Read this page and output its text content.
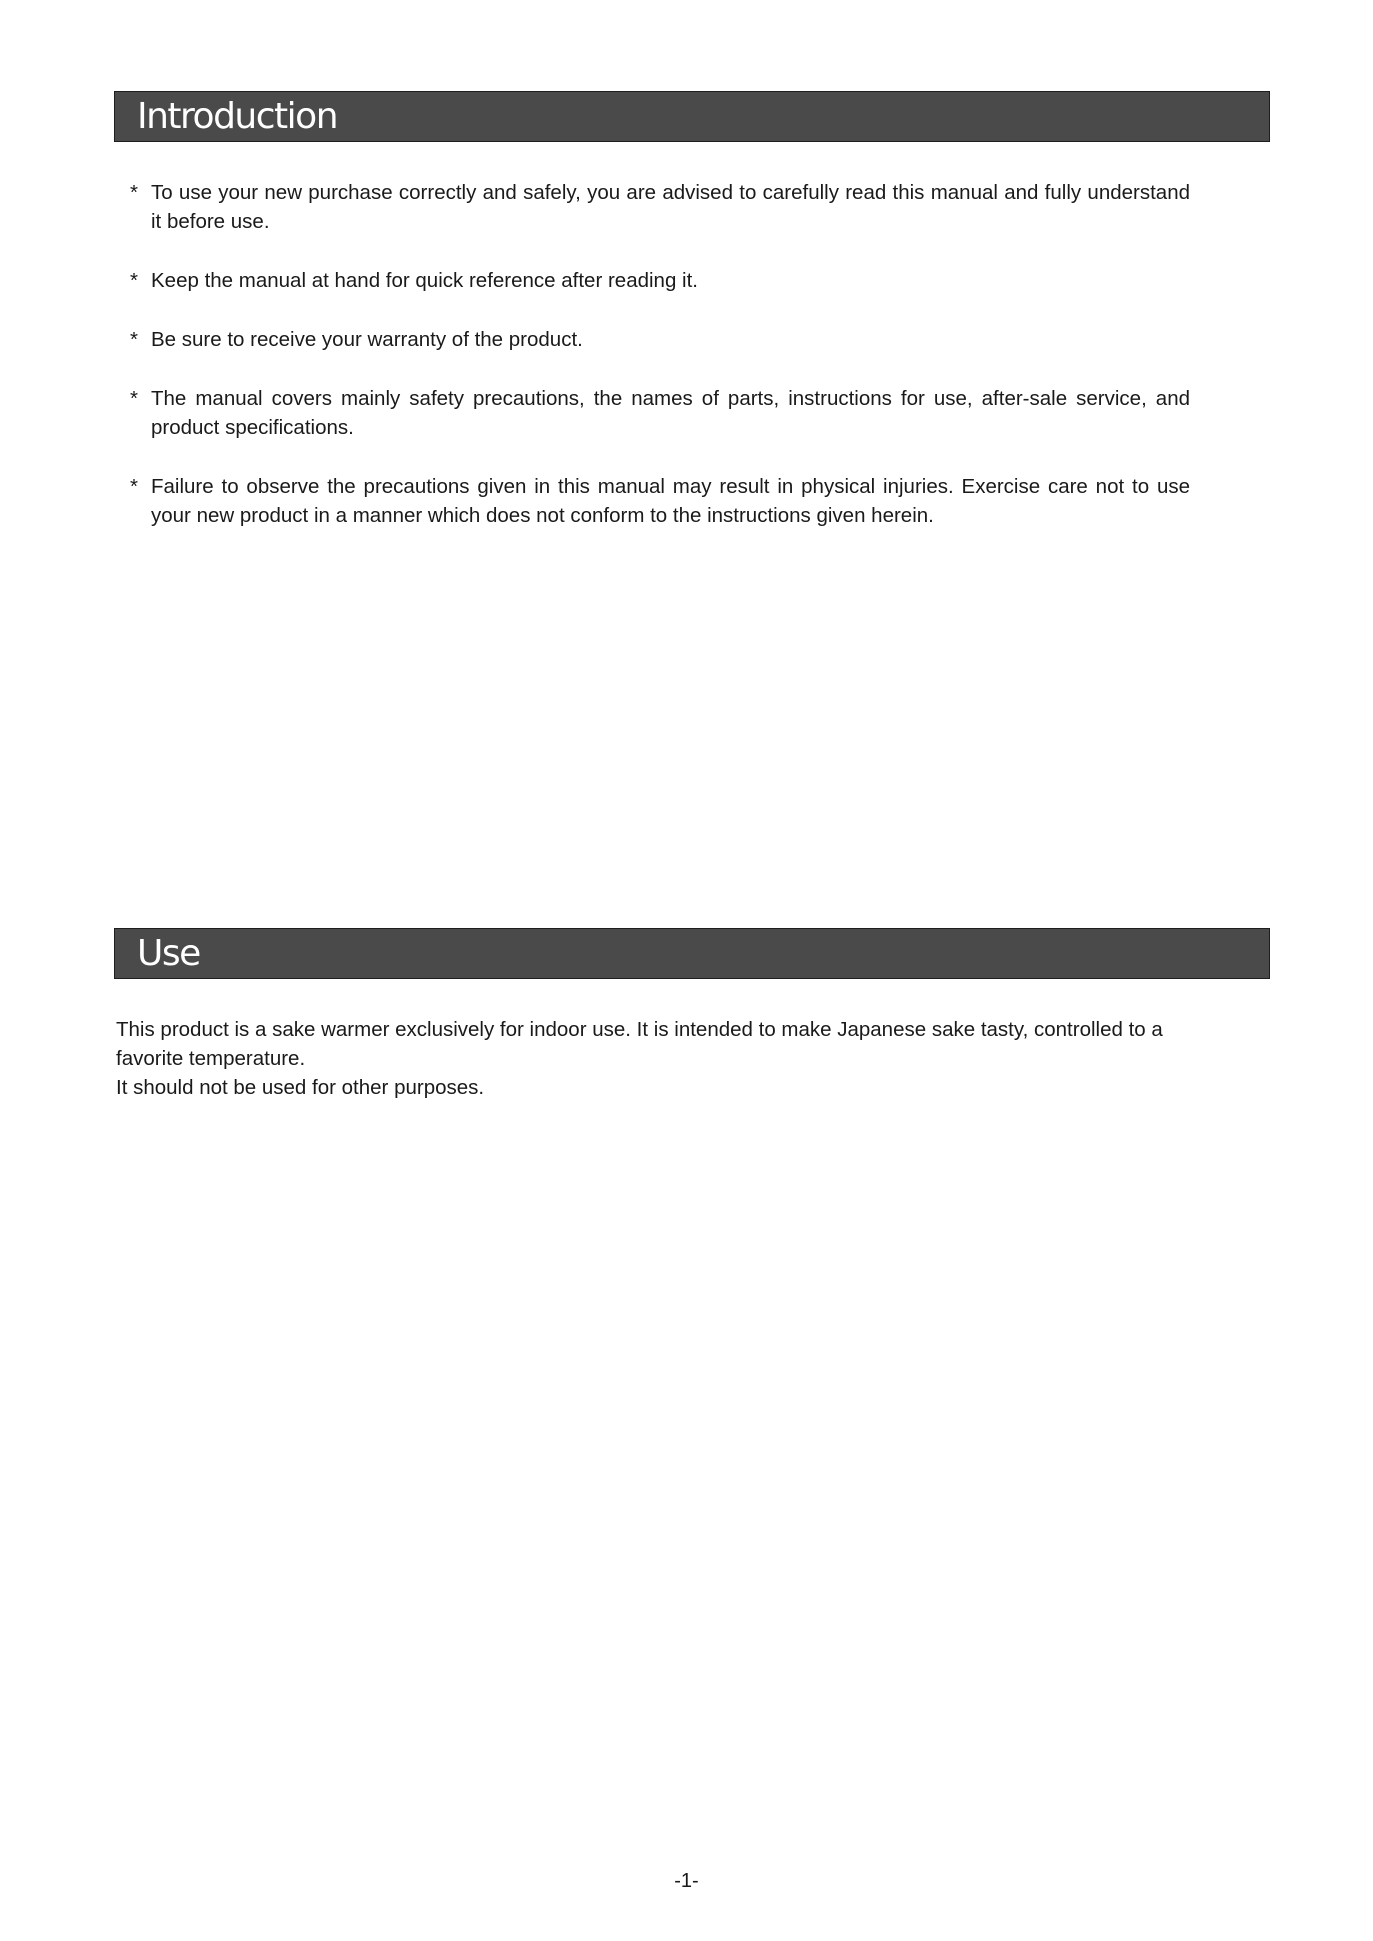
Introduction
* To use your new purchase correctly and safely, you are advised to carefully read this manual and fully understand it before use.
* Keep the manual at hand for quick reference after reading it.
* Be sure to receive your warranty of the product.
* The manual covers mainly safety precautions, the names of parts, instructions for use, after-sale service, and product specifications.
* Failure to observe the precautions given in this manual may result in physical injuries. Exercise care not to use your new product in a manner which does not conform to the instructions given herein.
Use

This product is a sake warmer exclusively for indoor use. It is intended to make Japanese sake tasty, controlled to a favorite temperature.

It should not be used for other purposes.

-1-
